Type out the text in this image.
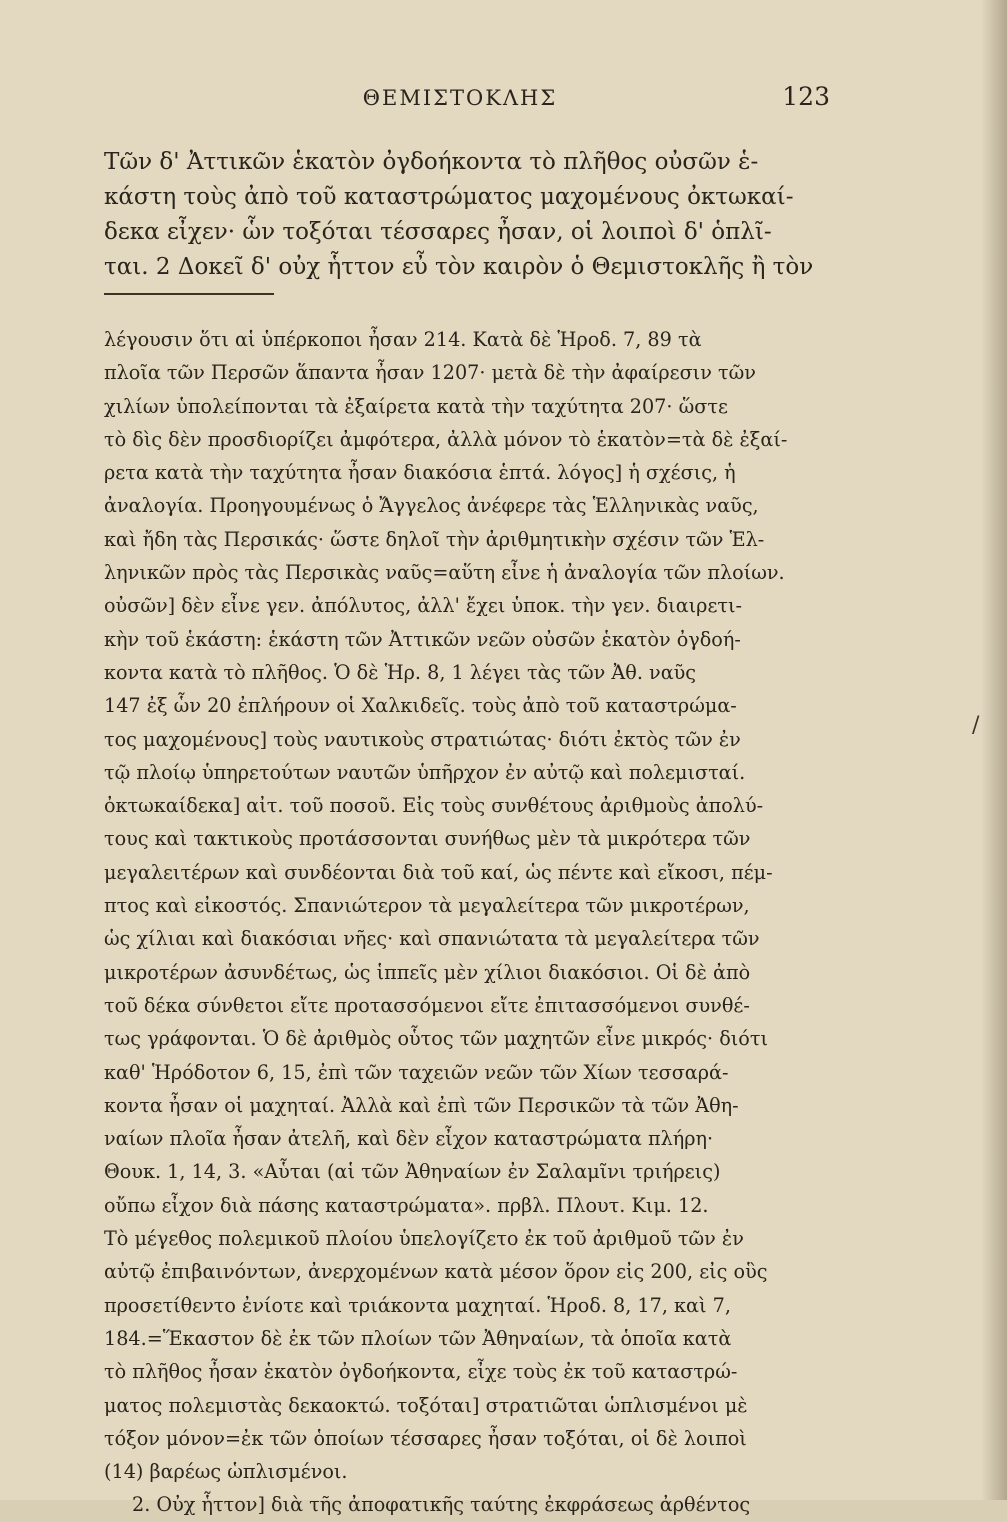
ΘΕΜΙΣΤΟΚΛΗΣ	123
Τῶν δ' Ἀττικῶν ἑκατὸν ὀγδοήκοντα τὸ πλῆθος οὐσῶν ἑ-
κάστη τοὺς ἀπὸ τοῦ καταστρώματος μαχομένους ὀκτωκαί-
δεκα εἶχεν· ὧν τοξόται τέσσαρες ἦσαν, οἱ λοιποὶ δ' ὁπλῖ-
ται. 2 Δοκεῖ δ' οὐχ ἧττον εὖ τὸν καιρὸν ὁ Θεμιστοκλῆς ἢ τὸν
λέγουσιν ὅτι αἱ ὑπέρκοποι ἦσαν 214. Κατὰ δὲ Ἡροδ. 7, 89 τὰ
πλοῖα τῶν Περσῶν ἅπαντα ἦσαν 1207· μετὰ δὲ τὴν ἀφαίρεσιν τῶν
χιλίων ὑπολείπονται τὰ ἐξαίρετα κατὰ τὴν ταχύτητα 207· ὥστε
τὸ δὶς δὲν προσδιορίζει ἀμφότερα, ἀλλὰ μόνον τὸ ἑκατὸν=τὰ δὲ ἐξαί-
ρετα κατὰ τὴν ταχύτητα ἦσαν διακόσια ἑπτά. λόγος] ἡ σχέσις, ἡ
ἀναλογία. Προηγουμένως ὁ Ἄγγελος ἀνέφερε τὰς Ἑλληνικὰς ναῦς,
καὶ ἤδη τὰς Περσικάς· ὥστε δηλοῖ τὴν ἀριθμητικὴν σχέσιν τῶν Ἑλ-
ληνικῶν πρὸς τὰς Περσικὰς ναῦς=αὕτη εἶνε ἡ ἀναλογία τῶν πλοίων.
οὐσῶν] δὲν εἶνε γεν. ἀπόλυτος, ἀλλ' ἔχει ὑποκ. τὴν γεν. διαιρετι-
κὴν τοῦ ἑκάστη: ἑκάστη τῶν Ἀττικῶν νεῶν οὐσῶν ἑκατὸν ὀγδοή-
κοντα κατὰ τὸ πλῆθος. Ὁ δὲ Ἡρ. 8, 1 λέγει τὰς τῶν Ἀθ. ναῦς
147 ἐξ ὧν 20 ἐπλήρουν οἱ Χαλκιδεῖς. τοὺς ἀπὸ τοῦ καταστρώμα-
τος μαχομένους] τοὺς ναυτικοὺς στρατιώτας· διότι ἐκτὸς τῶν ἐν
τῷ πλοίῳ ὑπηρετούτων ναυτῶν ὑπῆρχον ἐν αὐτῷ καὶ πολεμισταί.
ὀκτωκαίδεκα] αἰτ. τοῦ ποσοῦ. Εἰς τοὺς συνθέτους ἀριθμοὺς ἀπολύ-
τους καὶ τακτικοὺς προτάσσονται συνήθως μὲν τὰ μικρότερα τῶν
μεγαλειτέρων καὶ συνδέονται διὰ τοῦ καί, ὡς πέντε καὶ εἴκοσι, πέμ-
πτος καὶ εἰκοστός. Σπανιώτερον τὰ μεγαλείτερα τῶν μικροτέρων,
ὡς χίλιαι καὶ διακόσιαι νῆες· καὶ σπανιώτατα τὰ μεγαλείτερα τῶν
μικροτέρων ἀσυνδέτως, ὡς ἱππεῖς μὲν χίλιοι διακόσιοι. Οἱ δὲ ἀπὸ
τοῦ δέκα σύνθετοι εἴτε προτασσόμενοι εἴτε ἐπιτασσόμενοι συνθέ-
τως γράφονται. Ὁ δὲ ἀριθμὸς οὗτος τῶν μαχητῶν εἶνε μικρός· διότι
καθ' Ἡρόδοτον 6, 15, ἐπὶ τῶν ταχειῶν νεῶν τῶν Χίων τεσσαρά-
κοντα ἦσαν οἱ μαχηταί. Ἀλλὰ καὶ ἐπὶ τῶν Περσικῶν τὰ τῶν Ἀθη-
ναίων πλοῖα ἦσαν ἀτελῆ, καὶ δὲν εἶχον καταστρώματα πλήρη·
Θουκ. 1, 14, 3. «Αὗται (αἱ τῶν Ἀθηναίων ἐν Σαλαμῖνι τριήρεις)
οὔπω εἶχον διὰ πάσης καταστρώματα». πρβλ. Πλουτ. Κιμ. 12.
Τὸ μέγεθος πολεμικοῦ πλοίου ὑπελογίζετο ἐκ τοῦ ἀριθμοῦ τῶν ἐν
αὐτῷ ἐπιβαινόντων, ἀνερχομένων κατὰ μέσον ὅρον εἰς 200, εἰς οὓς
προσετίθεντο ἐνίοτε καὶ τριάκοντα μαχηταί. Ἡροδ. 8, 17, καὶ 7,
184.=Ἕκαστον δὲ ἐκ τῶν πλοίων τῶν Ἀθηναίων, τὰ ὁποῖα κατὰ
τὸ πλῆθος ἦσαν ἑκατὸν ὀγδοήκοντα, εἶχε τοὺς ἐκ τοῦ καταστρώ-
ματος πολεμιστὰς δεκαοκτώ. τοξόται] στρατιῶται ὡπλισμένοι μὲ
τόξον μόνον=ἐκ τῶν ὁποίων τέσσαρες ἦσαν τοξόται, οἱ δὲ λοιποὶ
(14) βαρέως ὡπλισμένοι.
2. Οὐχ ἧττον] διὰ τῆς ἀποφατικῆς ταύτης ἐκφράσεως ἀρθέντος
/
